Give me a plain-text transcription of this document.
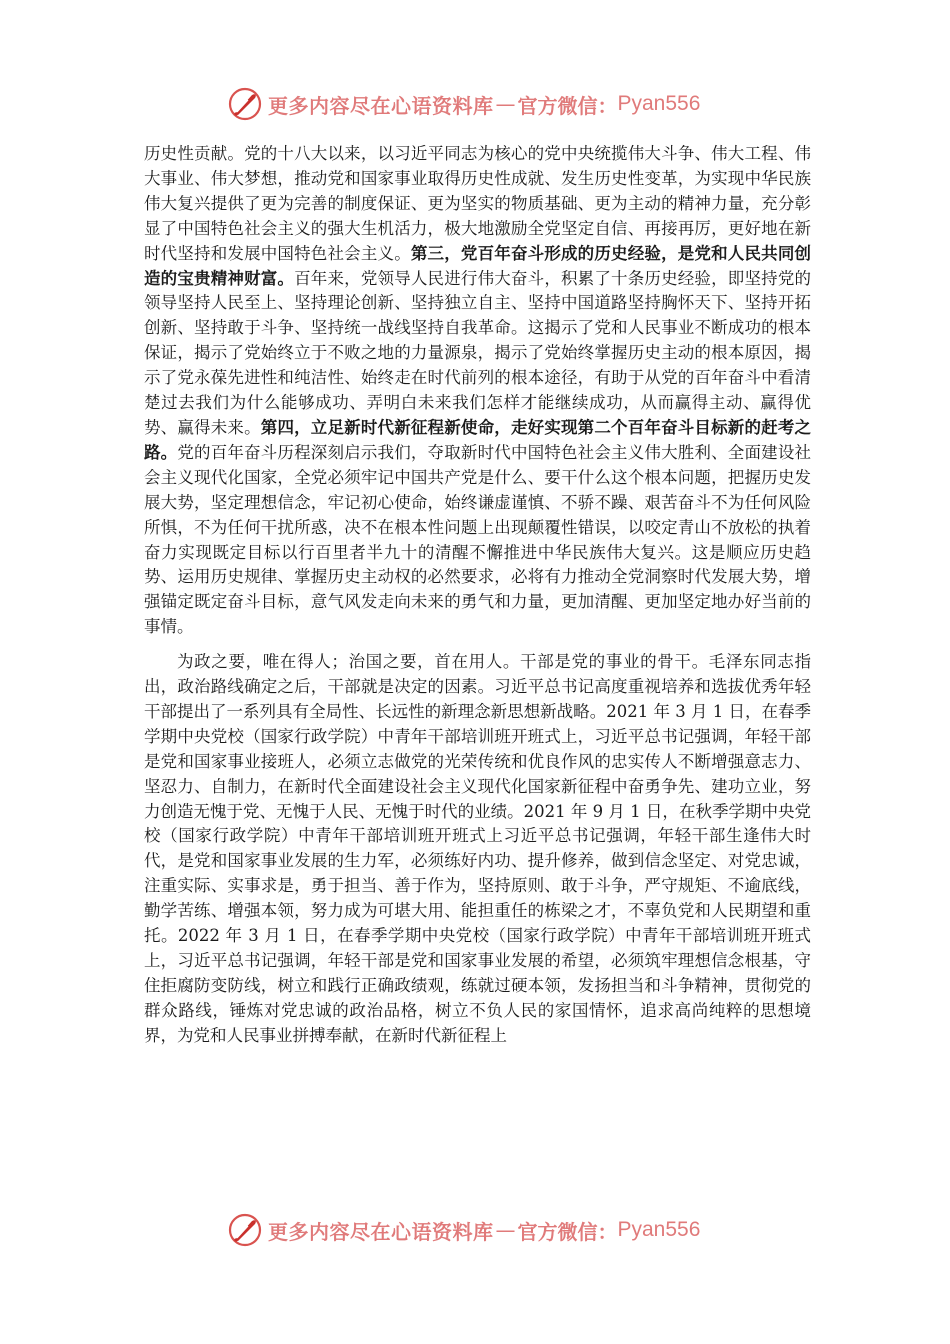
更多内容尽在心语资料库 — 官方微信： Pyan556

历史性贡献。党的十八大以来，以习近平同志为核心的党中央统揽伟大斗争、伟大工程、伟大事业、伟大梦想，推动党和国家事业取得历史性成就、发生历史性变革，为实现中华民族伟大复兴提供了更为完善的制度保证、更为坚实的物质基础、更为主动的精神力量，充分彰显了中国特色社会主义的强大生机活力，极大地激励全党坚定自信、再接再厉，更好地在新时代坚持和发展中国特色社会主义。第三，党百年奋斗形成的历史经验，是党和人民共同创造的宝贵精神财富。百年来，党领导人民进行伟大奋斗，积累了十条历史经验，即坚持党的领导坚持人民至上、坚持理论创新、坚持独立自主、坚持中国道路坚持胸怀天下、坚持开拓创新、坚持敢于斗争、坚持统一战线坚持自我革命。这揭示了党和人民事业不断成功的根本保证，揭示了党始终立于不败之地的力量源泉，揭示了党始终掌握历史主动的根本原因，揭示了党永葆先进性和纯洁性、始终走在时代前列的根本途径，有助于从党的百年奋斗中看清楚过去我们为什么能够成功、弄明白未来我们怎样才能继续成功，从而赢得主动、赢得优势、赢得未来。第四，立足新时代新征程新使命，走好实现第二个百年奋斗目标新的赶考之路。党的百年奋斗历程深刻启示我们，夺取新时代中国特色社会主义伟大胜利、全面建设社会主义现代化国家，全党必须牢记中国共产党是什么、要干什么这个根本问题，把握历史发展大势，坚定理想信念，牢记初心使命，始终谦虚谨慎、不骄不躁、艰苦奋斗不为任何风险所惧，不为任何干扰所惑，决不在根本性问题上出现颠覆性错误，以咬定青山不放松的执着奋力实现既定目标以行百里者半九十的清醒不懈推进中华民族伟大复兴。这是顺应历史趋势、运用历史规律、掌握历史主动权的必然要求，必将有力推动全党洞察时代发展大势，增强锚定既定奋斗目标，意气风发走向未来的勇气和力量，更加清醒、更加坚定地办好当前的事情。

为政之要，唯在得人；治国之要，首在用人。干部是党的事业的骨干。毛泽东同志指出，政治路线确定之后，干部就是决定的因素。习近平总书记高度重视培养和选拔优秀年轻干部提出了一系列具有全局性、长远性的新理念新思想新战略。2021 年 3 月 1 日，在春季学期中央党校（国家行政学院）中青年干部培训班开班式上，习近平总书记强调，年轻干部是党和国家事业接班人，必须立志做党的光荣传统和优良作风的忠实传人不断增强意志力、坚忍力、自制力，在新时代全面建设社会主义现代化国家新征程中奋勇争先、建功立业，努力创造无愧于党、无愧于人民、无愧于时代的业绩。2021 年 9 月 1 日，在秋季学期中央党校（国家行政学院）中青年干部培训班开班式上习近平总书记强调，年轻干部生逢伟大时代，是党和国家事业发展的生力军，必须练好内功、提升修养，做到信念坚定、对党忠诚，注重实际、实事求是，勇于担当、善于作为，坚持原则、敢于斗争，严守规矩、不逾底线，勤学苦练、增强本领，努力成为可堪大用、能担重任的栋梁之才，不辜负党和人民期望和重托。2022 年 3 月 1 日，在春季学期中央党校（国家行政学院）中青年干部培训班开班式上，习近平总书记强调，年轻干部是党和国家事业发展的希望，必须筑牢理想信念根基，守住拒腐防变防线，树立和践行正确政绩观，练就过硬本领，发扬担当和斗争精神，贯彻党的群众路线，锤炼对党忠诚的政治品格，树立不负人民的家国情怀，追求高尚纯粹的思想境界，为党和人民事业拼搏奉献，在新时代新征程上

更多内容尽在心语资料库 — 官方微信： Pyan556
